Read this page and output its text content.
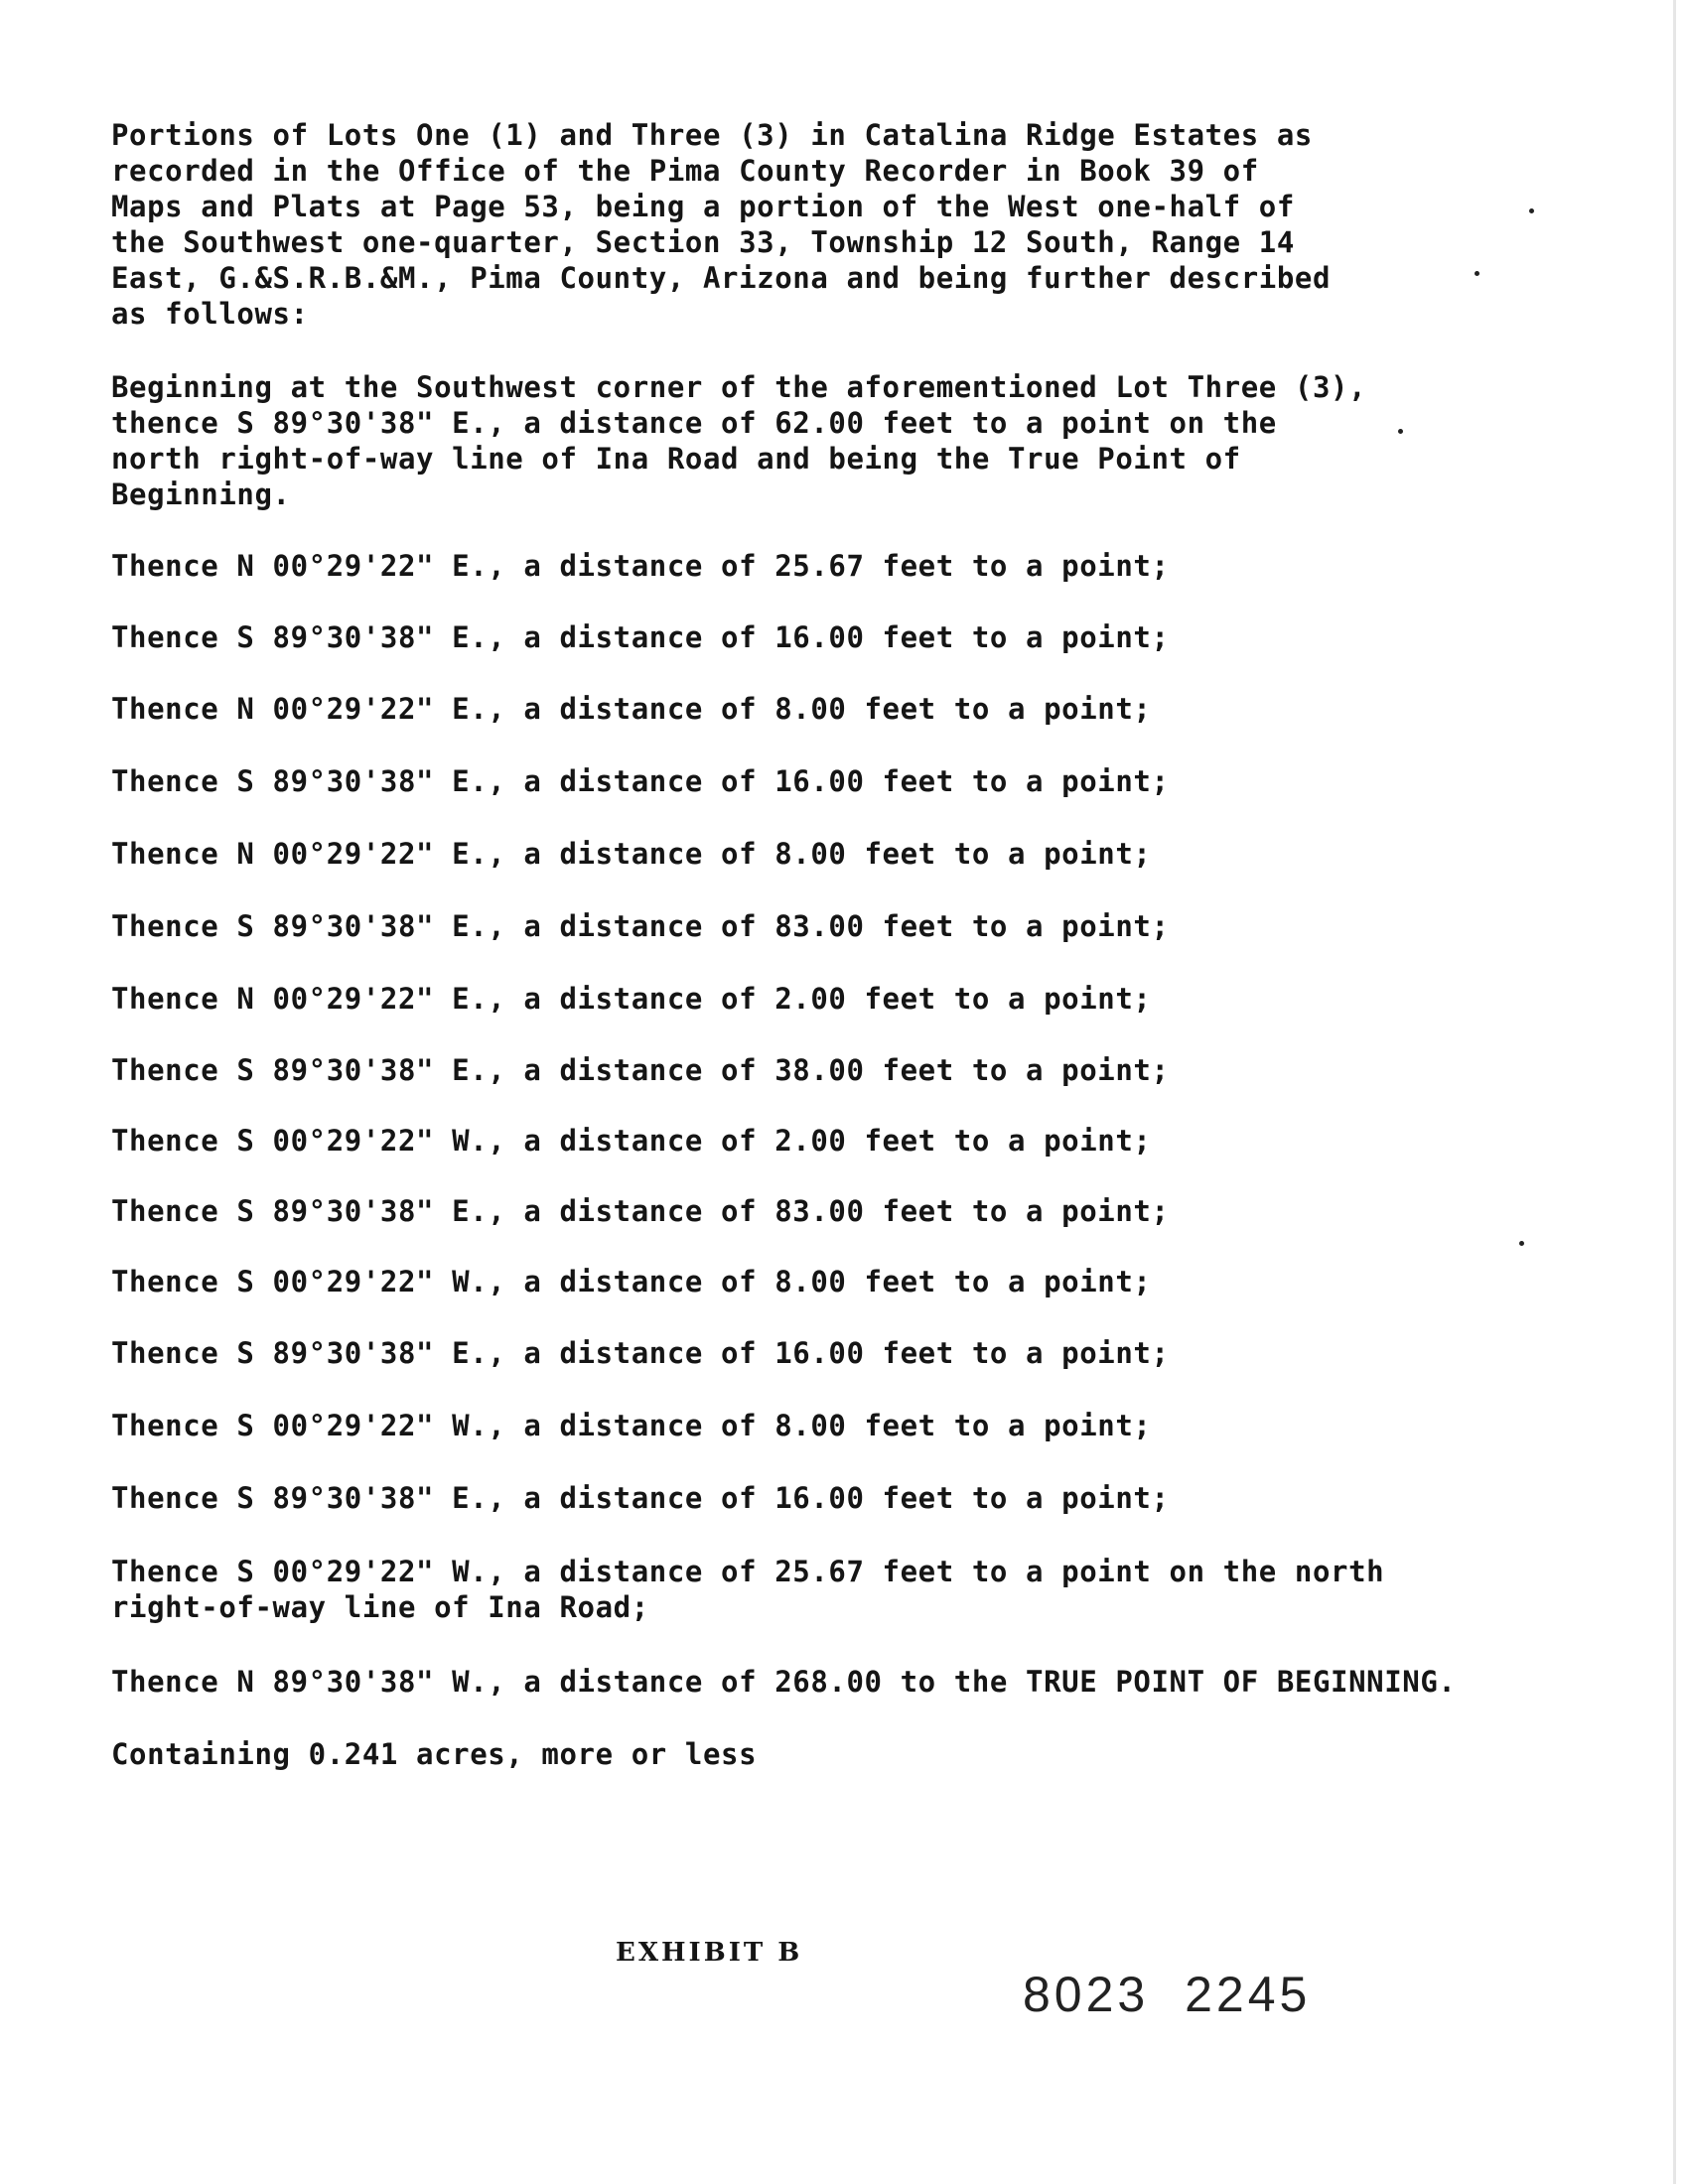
Portions of Lots One (1) and Three (3) in Catalina Ridge Estates as
recorded in the Office of the Pima County Recorder in Book 39 of
Maps and Plats at Page 53, being a portion of the West one-half of
the Southwest one-quarter, Section 33, Township 12 South, Range 14
East, G.&S.R.B.&M., Pima County, Arizona and being further described
as follows:

Beginning at the Southwest corner of the aforementioned Lot Three (3),
thence S 89°30'38" E., a distance of 62.00 feet to a point on the
north right-of-way line of Ina Road and being the True Point of
Beginning.

Thence N 00°29'22" E., a distance of 25.67 feet to a point;

Thence S 89°30'38" E., a distance of 16.00 feet to a point;

Thence N 00°29'22" E., a distance of 8.00 feet to a point;

Thence S 89°30'38" E., a distance of 16.00 feet to a point;

Thence N 00°29'22" E., a distance of 8.00 feet to a point;

Thence S 89°30'38" E., a distance of 83.00 feet to a point;

Thence N 00°29'22" E., a distance of 2.00 feet to a point;

Thence S 89°30'38" E., a distance of 38.00 feet to a point;

Thence S 00°29'22" W., a distance of 2.00 feet to a point;

Thence S 89°30'38" E., a distance of 83.00 feet to a point;

Thence S 00°29'22" W., a distance of 8.00 feet to a point;

Thence S 89°30'38" E., a distance of 16.00 feet to a point;

Thence S 00°29'22" W., a distance of 8.00 feet to a point;

Thence S 89°30'38" E., a distance of 16.00 feet to a point;

Thence S 00°29'22" W., a distance of 25.67 feet to a point on the north
right-of-way line of Ina Road;

Thence N 89°30'38" W., a distance of 268.00 to the TRUE POINT OF BEGINNING.

Containing 0.241 acres, more or less

EXHIBIT B
8023 2245
